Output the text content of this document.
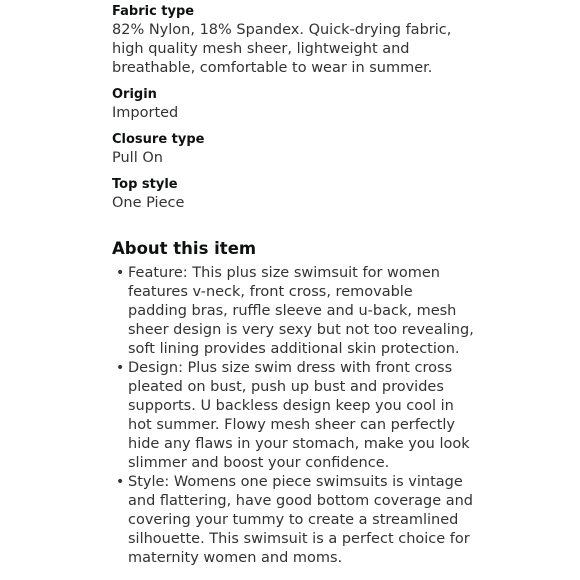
Fabric type
82% Nylon, 18% Spandex. Quick-drying fabric, high quality mesh sheer, lightweight and breathable, comfortable to wear in summer.
Origin
Imported
Closure type
Pull On
Top style
One Piece
About this item
• Feature: This plus size swimsuit for women features v-neck, front cross, removable padding bras, ruffle sleeve and u-back, mesh sheer design is very sexy but not too revealing, soft lining provides additional skin protection.
• Design: Plus size swim dress with front cross pleated on bust, push up bust and provides supports. U backless design keep you cool in hot summer. Flowy mesh sheer can perfectly hide any flaws in your stomach, make you look slimmer and boost your confidence.
• Style: Womens one piece swimsuits is vintage and flattering, have good bottom coverage and covering your tummy to create a streamlined silhouette. This swimsuit is a perfect choice for maternity women and moms.
